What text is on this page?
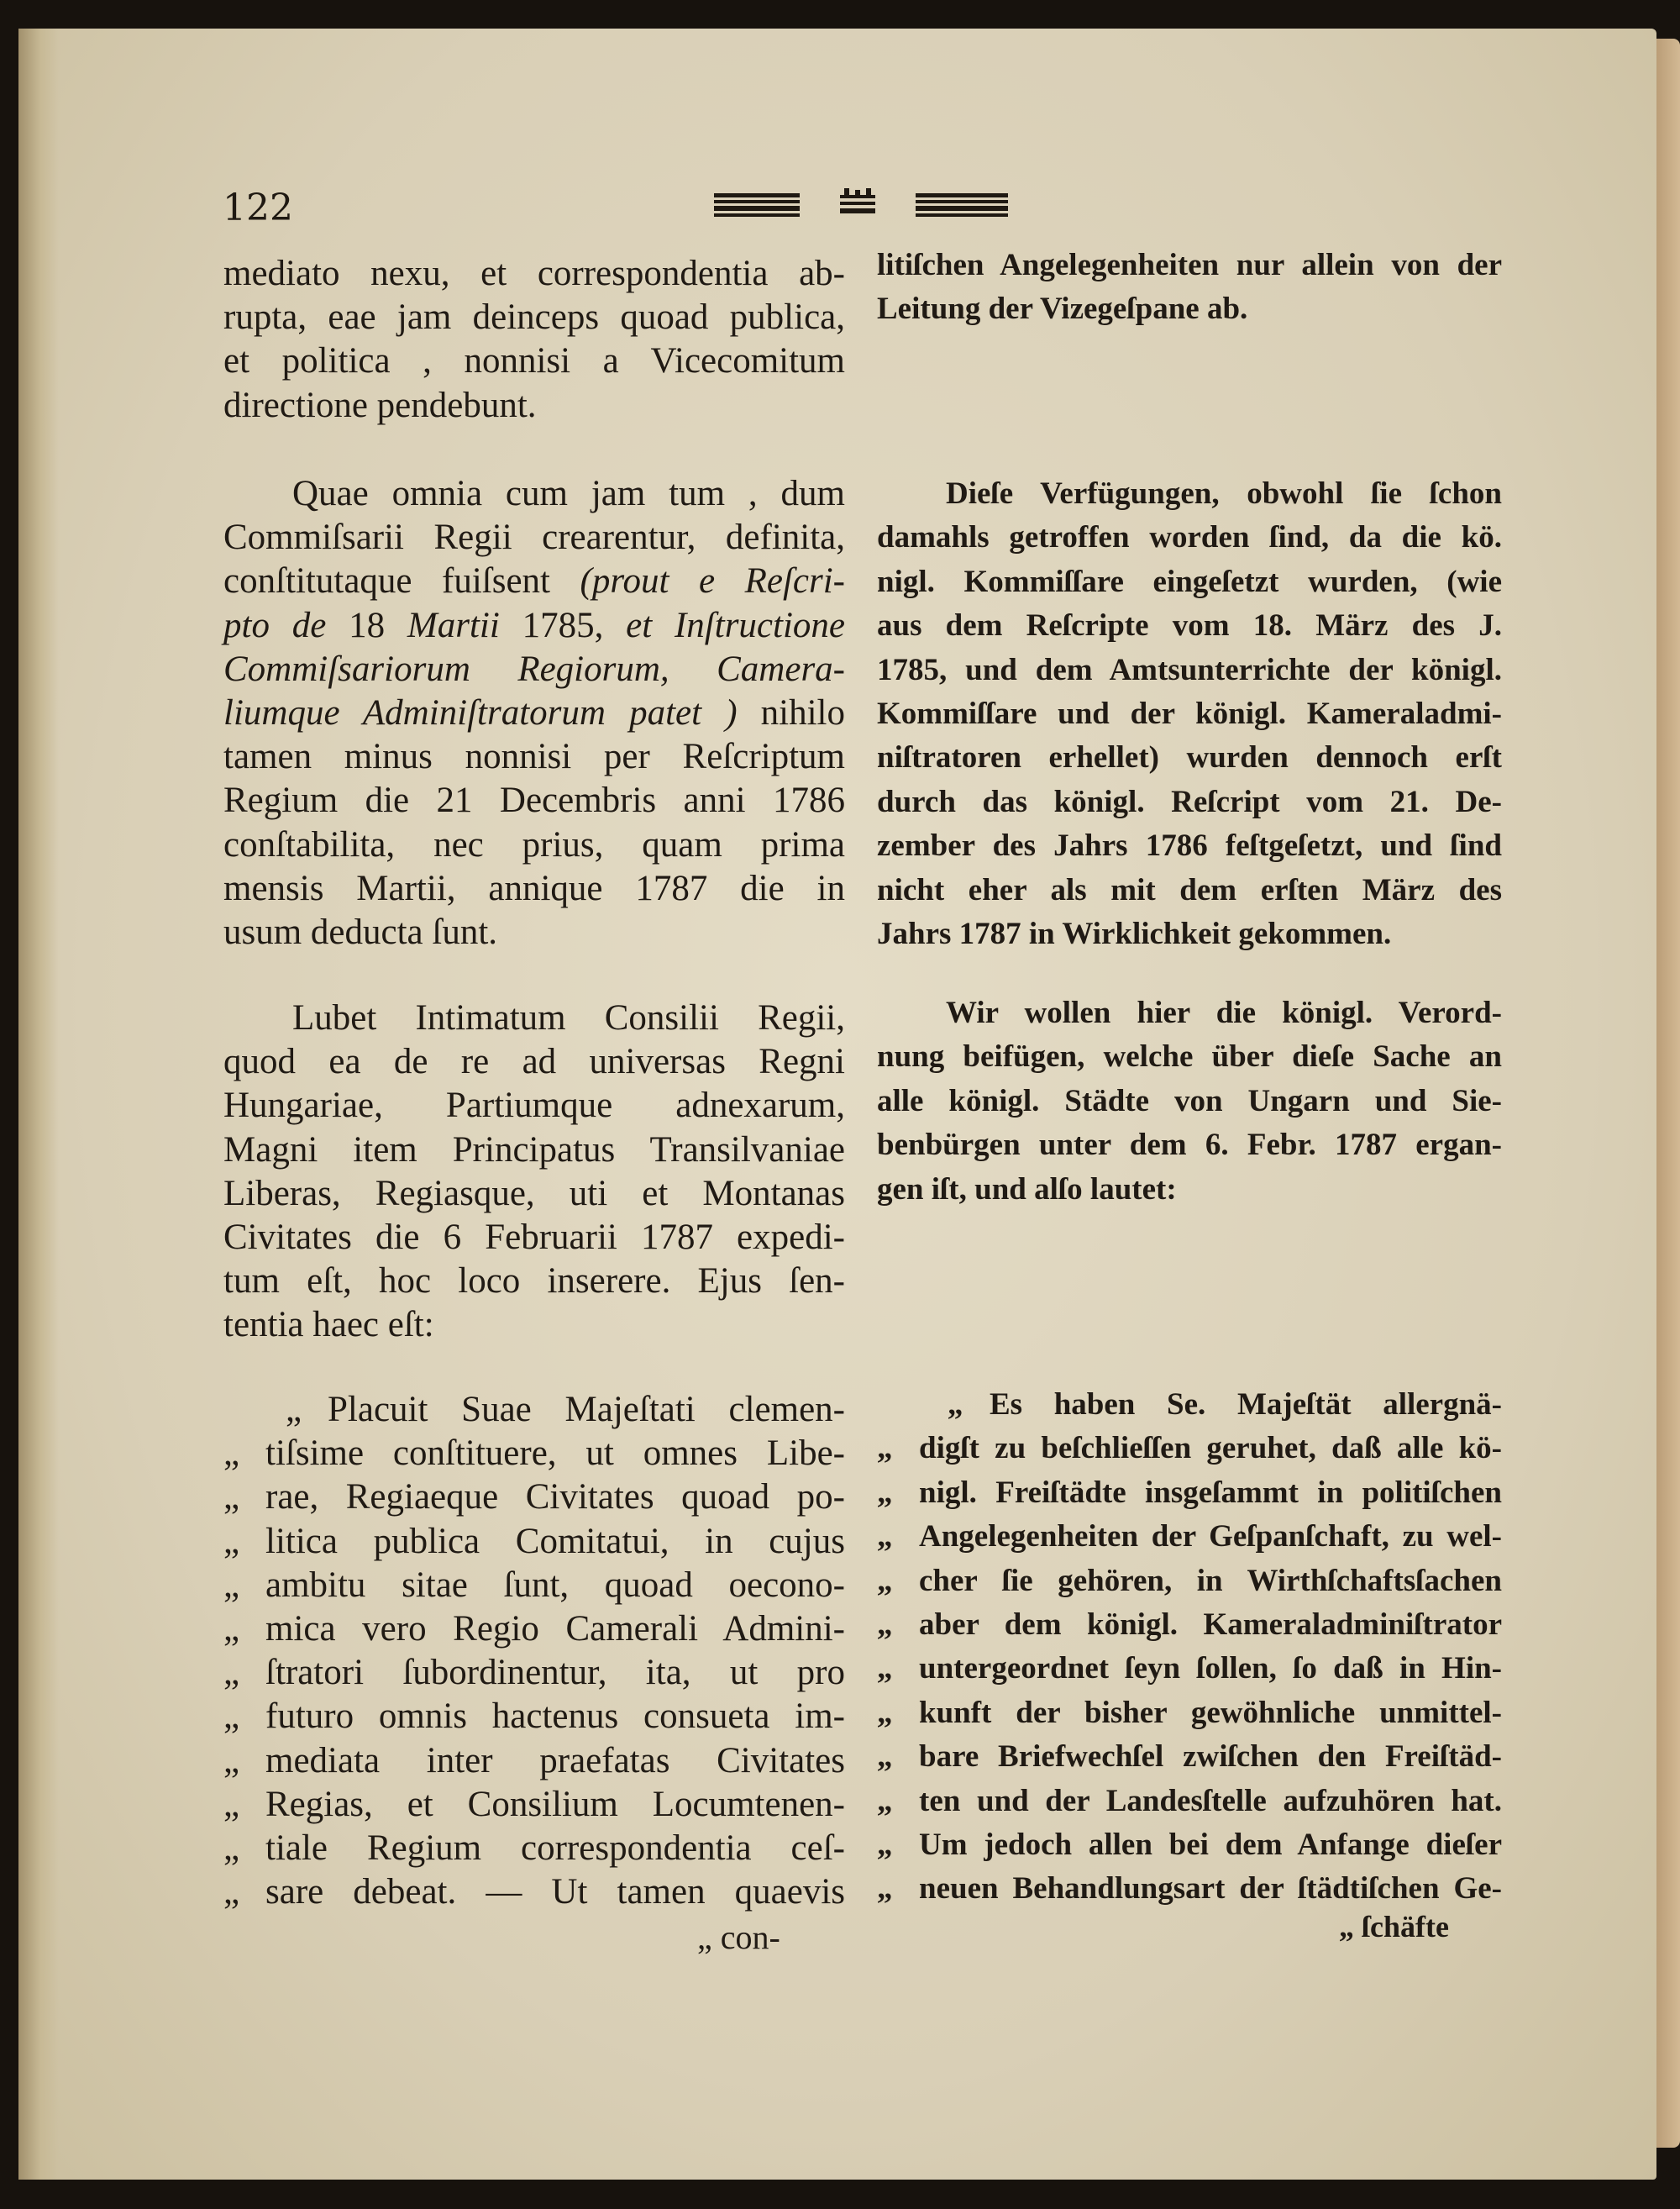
122
mediato nexu, et correspondentia ab-
rupta, eae jam deinceps quoad publica,
et politica , nonnisi a Vicecomitum
directione pendebunt.
Quae omnia cum jam tum , dum
Commiſsarii Regii crearentur, definita,
conſtitutaque fuiſsent (prout e Reſcri-
pto de 18 Martii 1785, et Inſtructione
Commiſsariorum Regiorum, Camera-
liumque Adminiſtratorum patet ) nihilo
tamen minus nonnisi per Reſcriptum
Regium die 21 Decembris anni 1786
conſtabilita, nec prius, quam prima
mensis Martii, annique 1787 die in
usum deducta ſunt.
Lubet Intimatum Consilii Regii,
quod ea de re ad universas Regni
Hungariae, Partiumque adnexarum,
Magni item Principatus Transilvaniae
Liberas, Regiasque, uti et Montanas
Civitates die 6 Februarii 1787 expedi-
tum eſt, hoc loco inserere. Ejus ſen-
tentia haec eſt:
„ Placuit Suae Majeſtati clemen-
„ tiſsime conſtituere, ut omnes Libe-
„ rae, Regiaeque Civitates quoad po-
„ litica publica Comitatui, in cujus
„ ambitu sitae ſunt, quoad oecono-
„ mica vero Regio Camerali Admini-
„ ſtratori ſubordinentur, ita, ut pro
„ futuro omnis hactenus consueta im-
„ mediata inter praefatas Civitates
„ Regias, et Consilium Locumtenen-
„ tiale Regium correspondentia ceſ-
„ sare debeat. — Ut tamen quaevis
„ con-
litiſchen Angelegenheiten nur allein von der
Leitung der Vizegeſpane ab.
Dieſe Verfügungen, obwohl ſie ſchon
damahls getroffen worden ſind, da die kö.
nigl. Kommiſſare eingeſetzt wurden, (wie
aus dem Reſcripte vom 18. März des J.
1785, und dem Amtsunterrichte der königl.
Kommiſſare und der königl. Kameraladmi-
niſtratoren erhellet) wurden dennoch erſt
durch das königl. Reſcript vom 21. De-
zember des Jahrs 1786 feſtgeſetzt, und ſind
nicht eher als mit dem erſten März des
Jahrs 1787 in Wirklichkeit gekommen.
Wir wollen hier die königl. Verord-
nung beifügen, welche über dieſe Sache an
alle königl. Städte von Ungarn und Sie-
benbürgen unter dem 6. Febr. 1787 ergan-
gen iſt, und alſo lautet:
„ Es haben Se. Majeſtät allergnä-
„ digſt zu beſchlieſſen geruhet, daß alle kö-
„ nigl. Freiſtädte insgeſammt in politiſchen
„ Angelegenheiten der Geſpanſchaft, zu wel-
„ cher ſie gehören, in Wirthſchaftsſachen
„ aber dem königl. Kameraladminiſtrator
„ untergeordnet ſeyn ſollen, ſo daß in Hin-
„ kunft der bisher gewöhnliche unmittel-
„ bare Briefwechſel zwiſchen den Freiſtäd-
„ ten und der Landesſtelle aufzuhören hat.
„ Um jedoch allen bei dem Anfange dieſer
„ neuen Behandlungsart der ſtädtiſchen Ge-
„ ſchäfte
